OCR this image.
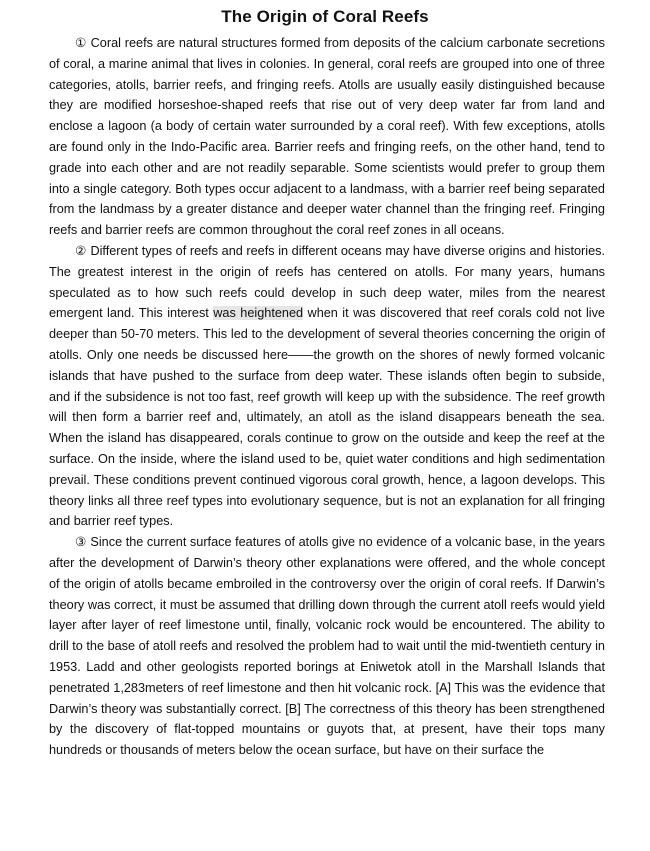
The Origin of Coral Reefs

① Coral reefs are natural structures formed from deposits of the calcium carbonate secretions of coral, a marine animal that lives in colonies. In general, coral reefs are grouped into one of three categories, atolls, barrier reefs, and fringing reefs. Atolls are usually easily distinguished because they are modified horseshoe-shaped reefs that rise out of very deep water far from land and enclose a lagoon (a body of certain water surrounded by a coral reef). With few exceptions, atolls are found only in the Indo-Pacific area. Barrier reefs and fringing reefs, on the other hand, tend to grade into each other and are not readily separable. Some scientists would prefer to group them into a single category. Both types occur adjacent to a landmass, with a barrier reef being separated from the landmass by a greater distance and deeper water channel than the fringing reef. Fringing reefs and barrier reefs are common throughout the coral reef zones in all oceans.

② Different types of reefs and reefs in different oceans may have diverse origins and histories. The greatest interest in the origin of reefs has centered on atolls. For many years, humans speculated as to how such reefs could develop in such deep water, miles from the nearest emergent land. This interest was heightened when it was discovered that reef corals cold not live deeper than 50-70 meters. This led to the development of several theories concerning the origin of atolls. Only one needs be discussed here——the growth on the shores of newly formed volcanic islands that have pushed to the surface from deep water. These islands often begin to subside, and if the subsidence is not too fast, reef growth will keep up with the subsidence. The reef growth will then form a barrier reef and, ultimately, an atoll as the island disappears beneath the sea. When the island has disappeared, corals continue to grow on the outside and keep the reef at the surface. On the inside, where the island used to be, quiet water conditions and high sedimentation prevail. These conditions prevent continued vigorous coral growth, hence, a lagoon develops. This theory links all three reef types into evolutionary sequence, but is not an explanation for all fringing and barrier reef types.

③ Since the current surface features of atolls give no evidence of a volcanic base, in the years after the development of Darwin’s theory other explanations were offered, and the whole concept of the origin of atolls became embroiled in the controversy over the origin of coral reefs. If Darwin’s theory was correct, it must be assumed that drilling down through the current atoll reefs would yield layer after layer of reef limestone until, finally, volcanic rock would be encountered. The ability to drill to the base of atoll reefs and resolved the problem had to wait until the mid-twentieth century in 1953. Ladd and other geologists reported borings at Eniwetok atoll in the Marshall Islands that penetrated 1,283meters of reef limestone and then hit volcanic rock. [A] This was the evidence that Darwin’s theory was substantially correct. [B] The correctness of this theory has been strengthened by the discovery of flat-topped mountains or guyots that, at present, have their tops many hundreds or thousands of meters below the ocean surface, but have on their surface the
